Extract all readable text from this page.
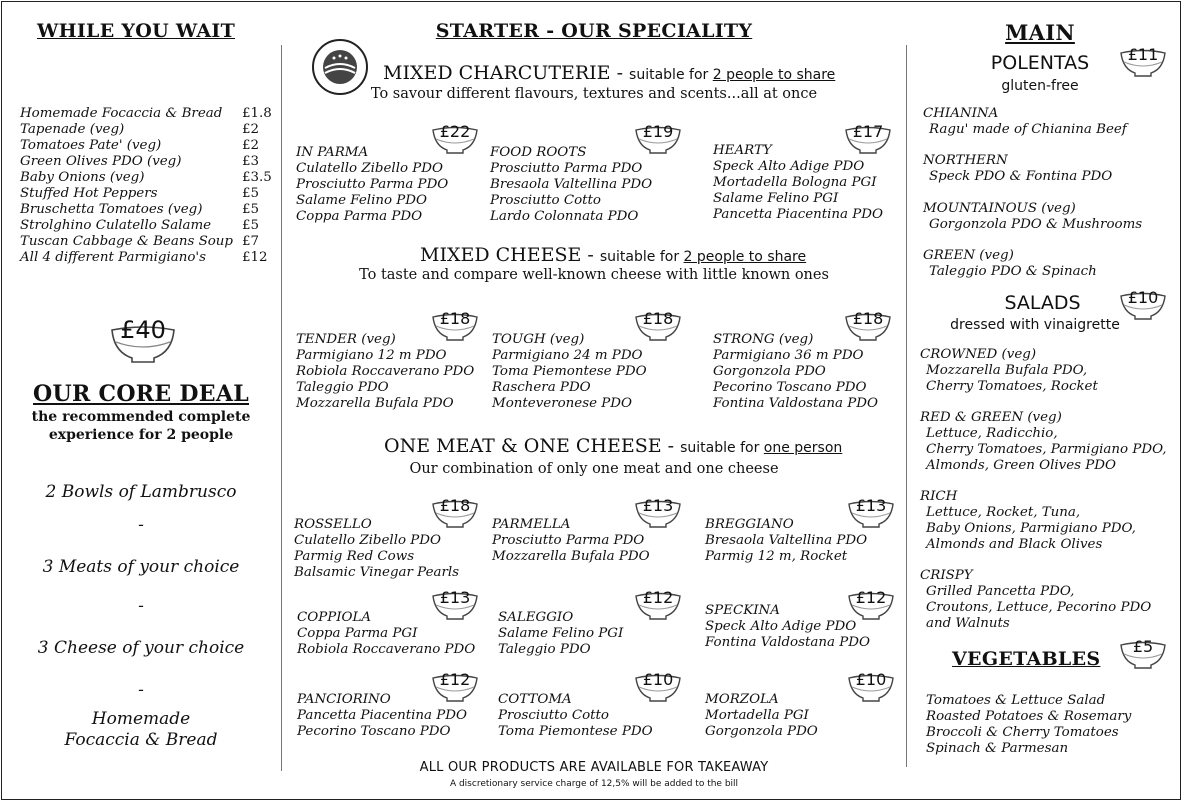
WHILE YOU WAIT
Homemade Focaccia & Bread £1.8
Tapenade (veg)	£2
Tomatoes Pate' (veg)	£2
Green Olives PDO (veg)	£3
Baby Onions (veg)	£3.5
Stuffed Hot Peppers	£5
Bruschetta Tomatoes (veg)	£5
Strolghino Culatello Salame £5
Tuscan Cabbage & Beans Soup £7
All 4 different Parmigiano's	£12
£40
OUR CORE DEAL
the recommended complete
experience for 2 people
2 Bowls of Lambrusco
-
3 Meats of your choice
-
3 Cheese of your choice
-
Homemade
Focaccia & Bread
STARTER - OUR SPECIALITY
MIXED CHARCUTERIE - suitable for 2 people to share
To savour different flavours, textures and scents...all at once
MIXED CHEESE - suitable for 2 people to share
To taste and compare well-known cheese with little known ones
ONE MEAT & ONE CHEESE - suitable for one person
Our combination of only one meat and one cheese
ALL OUR PRODUCTS ARE AVAILABLE FOR TAKEAWAY
A discretionary service charge of 12,5% will be added to the bill
MAIN
POLENTAS
gluten-free
SALADS
dressed with vinaigrette
VEGETABLES
IN PARMA
Culatello Zibello PDO
Prosciutto Parma PDO
Salame Felino PDO
Coppa Parma PDO
£22
FOOD ROOTS
Prosciutto Parma PDO
Bresaola Valtellina PDO
Prosciutto Cotto
Lardo Colonnata PDO
£19
HEARTY
Speck Alto Adige PDO
Mortadella Bologna PGI
Salame Felino PGI
Pancetta Piacentina PDO
£17
TENDER (veg)
Parmigiano 12 m PDO
Robiola Roccaverano PDO
Taleggio PDO
Mozzarella Bufala PDO
£18
TOUGH (veg)
Parmigiano 24 m PDO
Toma Piemontese PDO
Raschera PDO
Monteveronese PDO
£18
STRONG (veg)
Parmigiano 36 m PDO
Gorgonzola PDO
Pecorino Toscano PDO
Fontina Valdostana PDO
£18
ROSSELLO
Culatello Zibello PDO
Parmig Red Cows
Balsamic Vinegar Pearls
£18
PARMELLA
Prosciutto Parma PDO
Mozzarella Bufala PDO
£13
BREGGIANO
Bresaola Valtellina PDO
Parmig 12 m, Rocket
£13
COPPIOLA
Coppa Parma PGI
Robiola Roccaverano PDO
£13
SALEGGIO
Salame Felino PGI
Taleggio PDO
£12
SPECKINA
Speck Alto Adige PDO
Fontina Valdostana PDO
£12
PANCIORINO
Pancetta Piacentina PDO
Pecorino Toscano PDO
£12
COTTOMA
Prosciutto Cotto
Toma Piemontese PDO
£10
MORZOLA
Mortadella PGI
Gorgonzola PDO
£10
£11
£10
£5
CHIANINA
Ragu' made of Chianina Beef
NORTHERN
Speck PDO & Fontina PDO
MOUNTAINOUS (veg)
Gorgonzola PDO & Mushrooms
GREEN (veg)
Taleggio PDO & Spinach
CROWNED (veg)
Mozzarella Bufala PDO,
Cherry Tomatoes, Rocket
RED & GREEN (veg)
Lettuce, Radicchio,
Cherry Tomatoes, Parmigiano PDO,
Almonds, Green Olives PDO
RICH
Lettuce, Rocket, Tuna,
Baby Onions, Parmigiano PDO,
Almonds and Black Olives
CRISPY
Grilled Pancetta PDO,
Croutons, Lettuce, Pecorino PDO
and Walnuts
Tomatoes & Lettuce Salad
Roasted Potatoes & Rosemary
Broccoli & Cherry Tomatoes
Spinach & Parmesan
